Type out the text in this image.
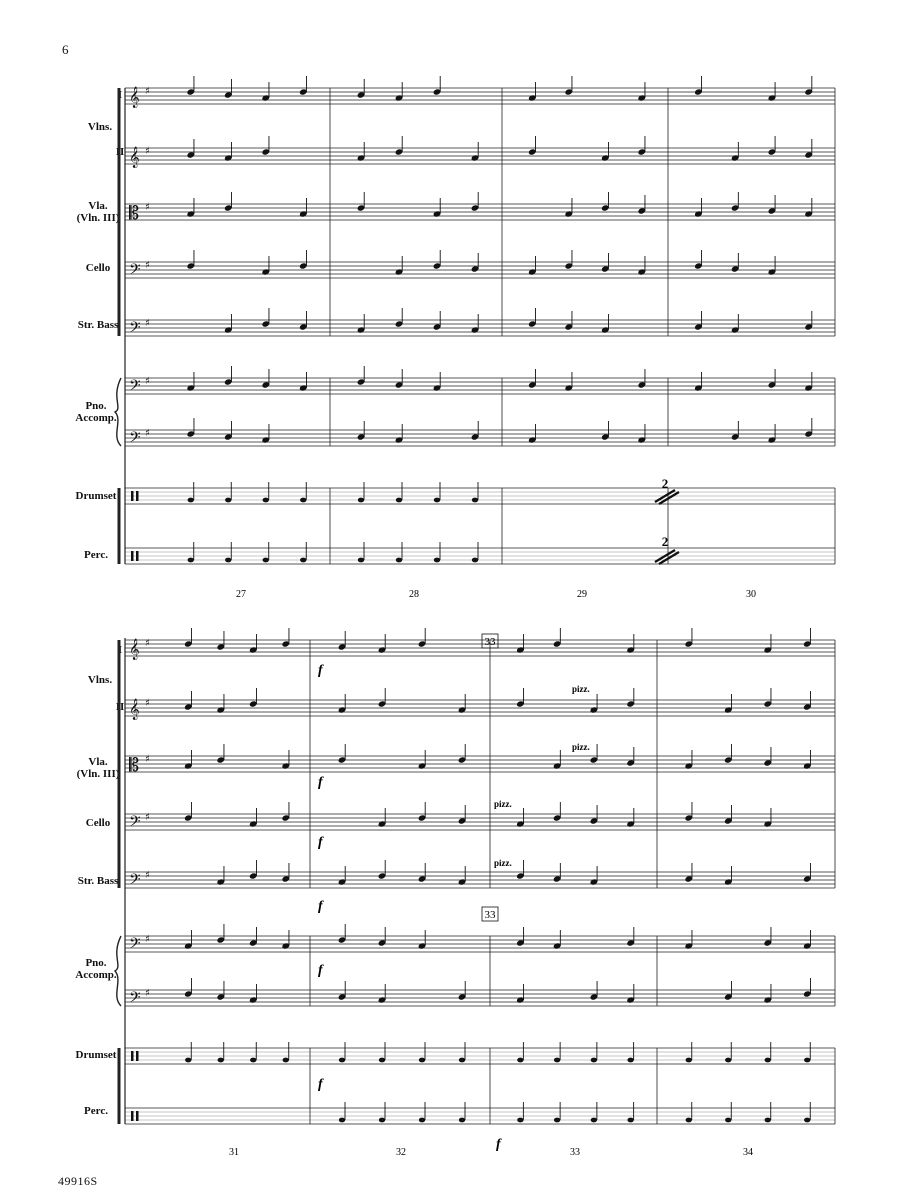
6
I
Vlns.
II
Vla.
(Vln. III)
Cello
Str. Bass
Pno.
Accomp.
Drumset
Perc.
I
Vlns.
II
Vla.
(Vln. III)
Cello
Str. Bass
Pno.
Accomp.
Drumset
Perc.
𝄞 ♯
𝄞 ♯
𝄡 ♯
𝄢 ♯
𝄢 ♯
𝄢 ♯
𝄢 ♯
𝄞 ♯
𝄞 ♯
𝄡 ♯
𝄢 ♯
𝄢 ♯
𝄢 ♯
𝄢 ♯
27	28	29	30
31	32	33	34
33
33
2
2
f
f
f
f
f
f
f
pizz.
pizz.
pizz.
pizz.
49916S
